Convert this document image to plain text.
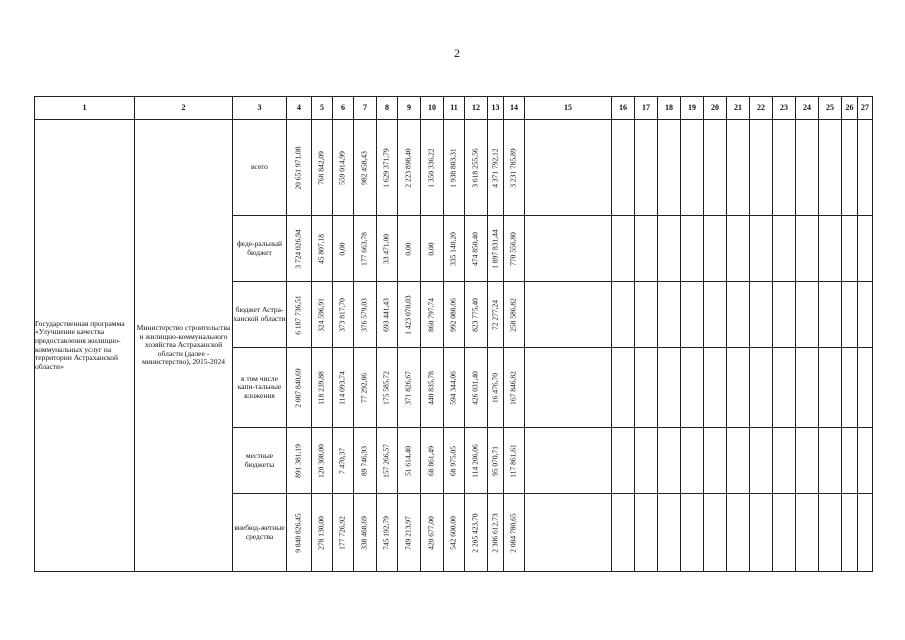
2
1	2	3	4	5	6	7	8	9	10	11	12	13	14	15	16	17	18	19	20	21	22	23	24	25	26	27
Государственная программа «Улучшение качества предоставления жилищно-коммунальных услуг на территории Астраханской области»	Министерство строительства и жилищно-коммунального хозяйства Астраханской области (далее - министерство), 2015-2024	всего	20 651 971,08	768 842,09	559 014,99	982 458,43	1 629 371,79	2 223 898,40	1 350 336,22	1 938 803,31	3 618 255,56	4 371 792,12	3 231 785,89													

		феде-ральный бюджет	3 724 026,94	45 807,18	0,00	177 663,78	33 471,00	0,00	0,00	335 140,20	474 850,40	1 897 831,44	770 556,80													

		бюджет Астра-ханской области	6 187 736,51	324 596,91	373 817,70	376 579,03	693 441,43	1 423 070,03	860 797,74	992 088,06	823 775,40	72 277,24	258 586,82													

		в том числе капи-тальные вложения	2 087 840,69	118 239,88	114 093,74	77 292,86	175 585,72	371 826,67	440 835,78	594 344,06	426 031,40	16 476,70	167 846,82													

		местные бюджеты	891 381,19	120 308,00	7 470,37	89 746,93	157 266,57	51 614,40	68 861,49	68 975,05	114 206,06	95 070,71	117 861,61													

		внебюд-жетные средства	9 848 826,45	278 130,00	177 726,92	338 468,69	745 192,79	749 213,97	420 677,00	542 600,00	2 205 423,70	2 306 612,73	2 084 780,65													
